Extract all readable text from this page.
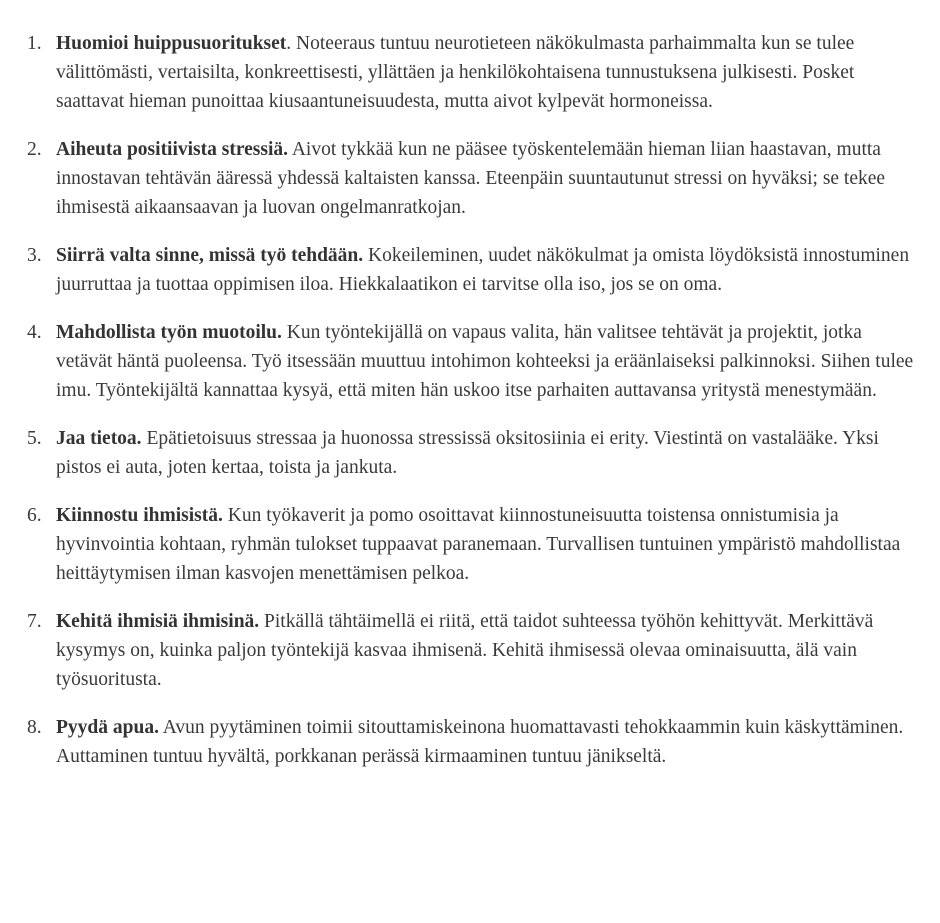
1. Huomioi huippusuoritukset. Noteeraus tuntuu neurotieteen näkökulmasta parhaimmalta kun se tulee välittömästi, vertaisilta, konkreettisesti, yllättäen ja henkilökohtaisena tunnustuksena julkisesti. Posket saattavat hieman punoittaa kiusaantuneisuudesta, mutta aivot kylpevät hormoneissa.
2. Aiheuta positiivista stressiä. Aivot tykkää kun ne pääsee työskentelemään hieman liian haastavan, mutta innostavan tehtävän ääressä yhdessä kaltaisten kanssa. Eteenpäin suuntautunut stressi on hyväksi; se tekee ihmisestä aikaansaavan ja luovan ongelmanratkojan.
3. Siirrä valta sinne, missä työ tehdään. Kokeileminen, uudet näkökulmat ja omista löydöksistä innostuminen juurruttaa ja tuottaa oppimisen iloa. Hiekkalaatikon ei tarvitse olla iso, jos se on oma.
4. Mahdollista työn muotoilu. Kun työntekijällä on vapaus valita, hän valitsee tehtävät ja projektit, jotka vetävät häntä puoleensa. Työ itsessään muuttuu intohimon kohteeksi ja eräänlaiseksi palkinnoksi. Siihen tulee imu. Työntekijältä kannattaa kysyä, että miten hän uskoo itse parhaiten auttavansa yritystä menestymään.
5. Jaa tietoa. Epätietoisuus stressaa ja huonossa stressissä oksitosiinia ei erity. Viestintä on vastalääke. Yksi pistos ei auta, joten kertaa, toista ja jankuta.
6. Kiinnostu ihmisistä. Kun työkaverit ja pomo osoittavat kiinnostuneisuutta toistensa onnistumisia ja hyvinvointia kohtaan, ryhmän tulokset tuppaavat paranemaan. Turvallisen tuntuinen ympäristö mahdollistaa heittäytymisen ilman kasvojen menettämisen pelkoa.
7. Kehitä ihmisiä ihmisinä. Pitkällä tähtäimellä ei riitä, että taidot suhteessa työhön kehittyvät. Merkittävä kysymys on, kuinka paljon työntekijä kasvaa ihmisenä. Kehitä ihmisessä olevaa ominaisuutta, älä vain työsuoritusta.
8. Pyydä apua. Avun pyytäminen toimii sitouttamiskeinona huomattavasti tehokkaammin kuin käskyttäminen. Auttaminen tuntuu hyvältä, porkkanan perässä kirmaaminen tuntuu jänikseltä.
